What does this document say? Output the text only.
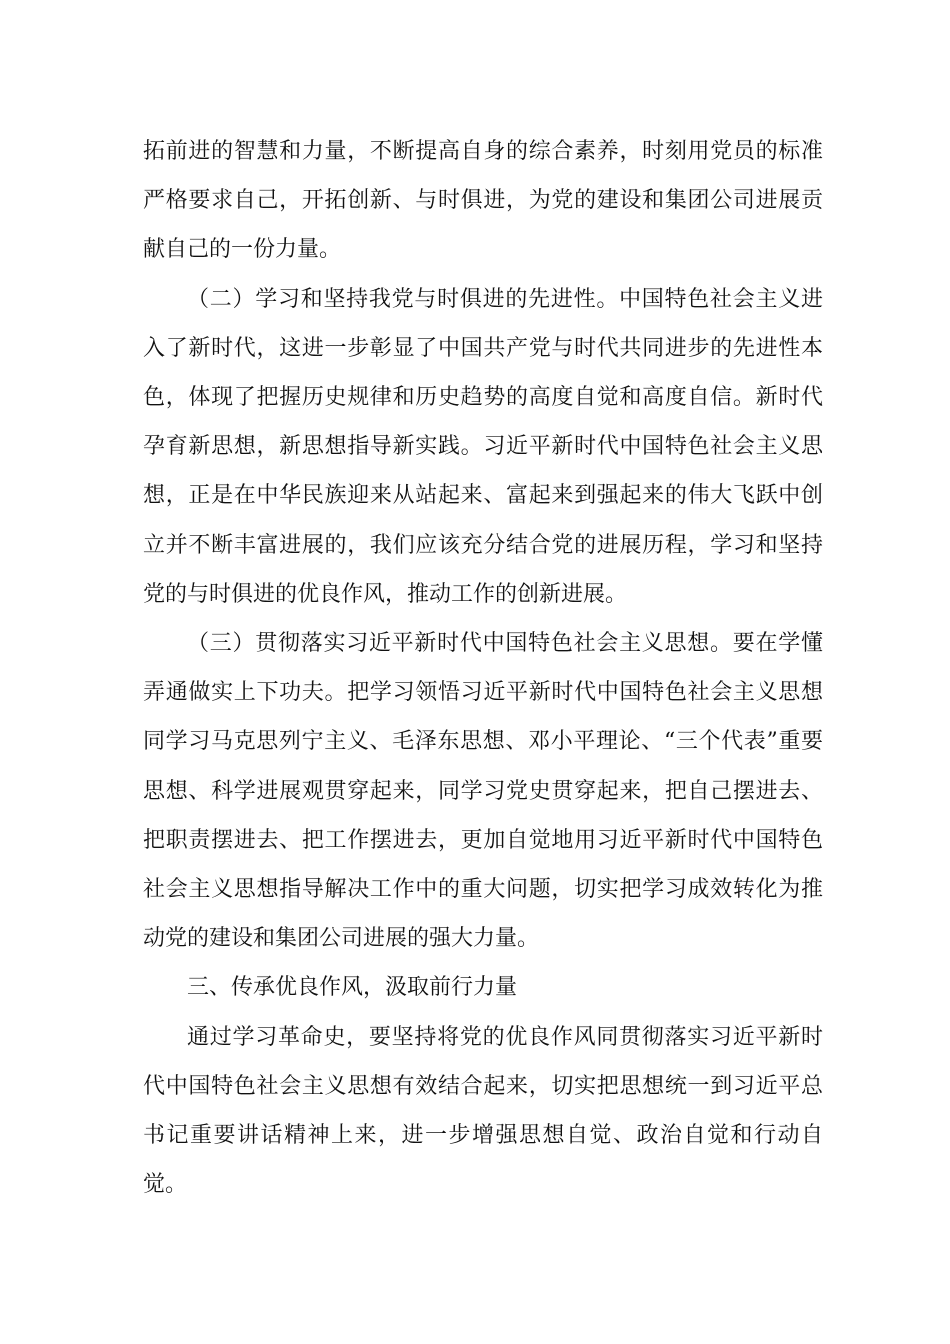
拓前进的智慧和力量，不断提高自身的综合素养，时刻用党员的标准严格要求自己，开拓创新、与时俱进，为党的建设和集团公司进展贡献自己的一份力量。

（二）学习和坚持我党与时俱进的先进性。中国特色社会主义进入了新时代，这进一步彰显了中国共产党与时代共同进步的先进性本色，体现了把握历史规律和历史趋势的高度自觉和高度自信。新时代孕育新思想，新思想指导新实践。习近平新时代中国特色社会主义思想，正是在中华民族迎来从站起来、富起来到强起来的伟大飞跃中创立并不断丰富进展的，我们应该充分结合党的进展历程，学习和坚持党的与时俱进的优良作风，推动工作的创新进展。

（三）贯彻落实习近平新时代中国特色社会主义思想。要在学懂弄通做实上下功夫。把学习领悟习近平新时代中国特色社会主义思想同学习马克思列宁主义、毛泽东思想、邓小平理论、“三个代表”重要思想、科学进展观贯穿起来，同学习党史贯穿起来，把自己摆进去、把职责摆进去、把工作摆进去，更加自觉地用习近平新时代中国特色社会主义思想指导解决工作中的重大问题，切实把学习成效转化为推动党的建设和集团公司进展的强大力量。

三、传承优良作风，汲取前行力量

通过学习革命史，要坚持将党的优良作风同贯彻落实习近平新时代中国特色社会主义思想有效结合起来，切实把思想统一到习近平总书记重要讲话精神上来，进一步增强思想自觉、政治自觉和行动自觉。
